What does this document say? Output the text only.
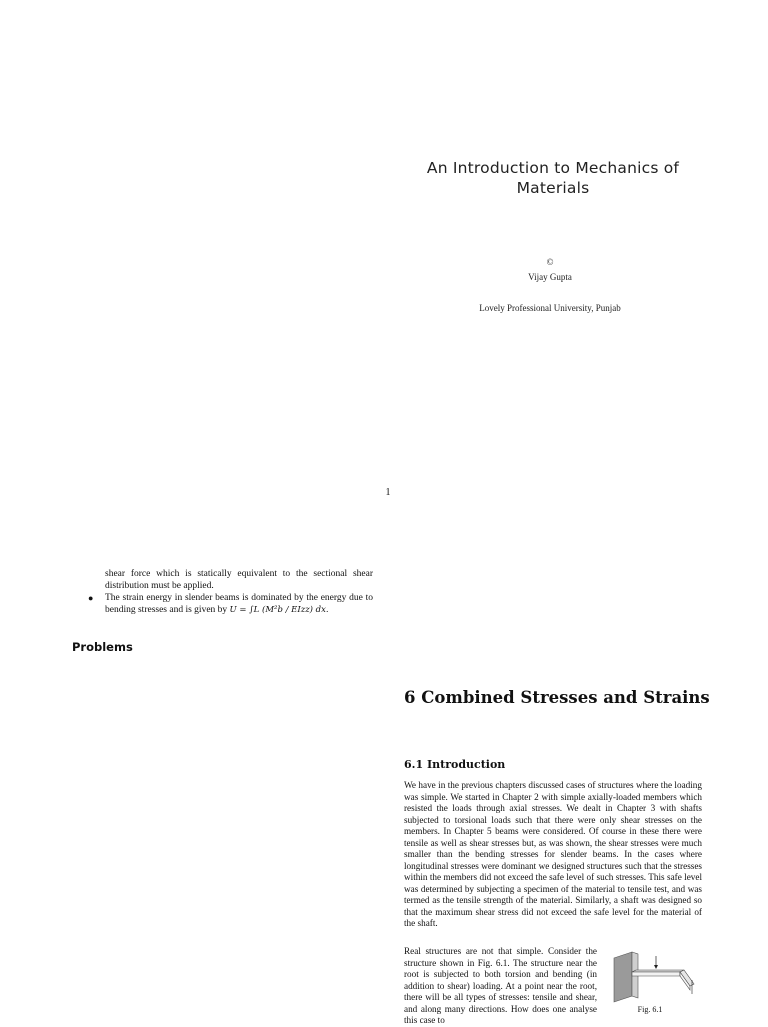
An Introduction to Mechanics of Materials
©
Vijay Gupta
Lovely Professional University, Punjab
1
shear force which is statically equivalent to the sectional shear distribution must be applied.
● The strain energy in slender beams is dominated by the energy due to bending stresses and is given by U = ∫L (M²b / EIzz) dx.
Problems
6 Combined Stresses and Strains
6.1 Introduction

We have in the previous chapters discussed cases of structures where the loading was simple. We started in Chapter 2 with simple axially-loaded members which resisted the loads through axial stresses. We dealt in Chapter 3 with shafts subjected to torsional loads such that there were only shear stresses on the members. In Chapter 5 beams were considered. Of course in these there were tensile as well as shear stresses but, as was shown, the shear stresses were much smaller than the bending stresses for slender beams. In the cases where longitudinal stresses were dominant we designed structures such that the stresses within the members did not exceed the safe level of such stresses. This safe level was determined by subjecting a specimen of the material to tensile test, and was termed as the tensile strength of the material. Similarly, a shaft was designed so that the maximum shear stress did not exceed the safe level for the material of the shaft.

Real structures are not that simple. Consider the structure shown in Fig. 6.1. The structure near the root is subjected to both torsion and bending (in addition to shear) loading. At a point near the root, there will be all types of stresses: tensile and shear, and along many directions. How does one analyse this case to

Fig. 6.1
